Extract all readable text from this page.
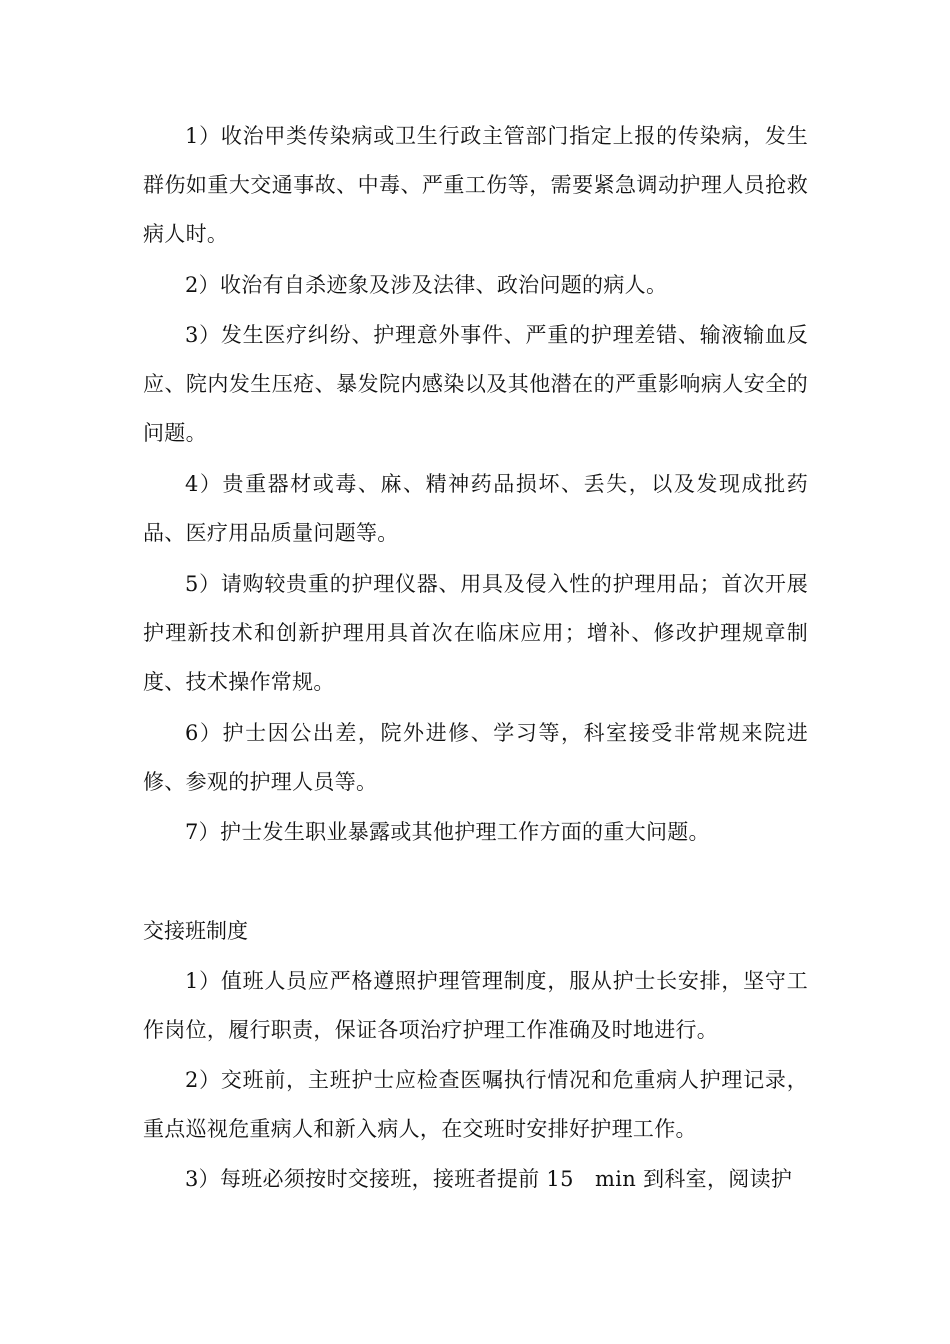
1）收治甲类传染病或卫生行政主管部门指定上报的传染病，发生群伤如重大交通事故、中毒、严重工伤等，需要紧急调动护理人员抢救病人时。

2）收治有自杀迹象及涉及法律、政治问题的病人。

3）发生医疗纠纷、护理意外事件、严重的护理差错、输液输血反应、院内发生压疮、暴发院内感染以及其他潜在的严重影响病人安全的问题。

4）贵重器材或毒、麻、精神药品损坏、丢失，以及发现成批药品、医疗用品质量问题等。

5）请购较贵重的护理仪器、用具及侵入性的护理用品；首次开展护理新技术和创新护理用具首次在临床应用；增补、修改护理规章制度、技术操作常规。

6）护士因公出差，院外进修、学习等，科室接受非常规来院进修、参观的护理人员等。

7）护士发生职业暴露或其他护理工作方面的重大问题。

交接班制度

1）值班人员应严格遵照护理管理制度，服从护士长安排，坚守工作岗位，履行职责，保证各项治疗护理工作准确及时地进行。

2）交班前，主班护士应检查医嘱执行情况和危重病人护理记录，重点巡视危重病人和新入病人，在交班时安排好护理工作。

3）每班必须按时交接班，接班者提前 15　min 到科室，阅读护
